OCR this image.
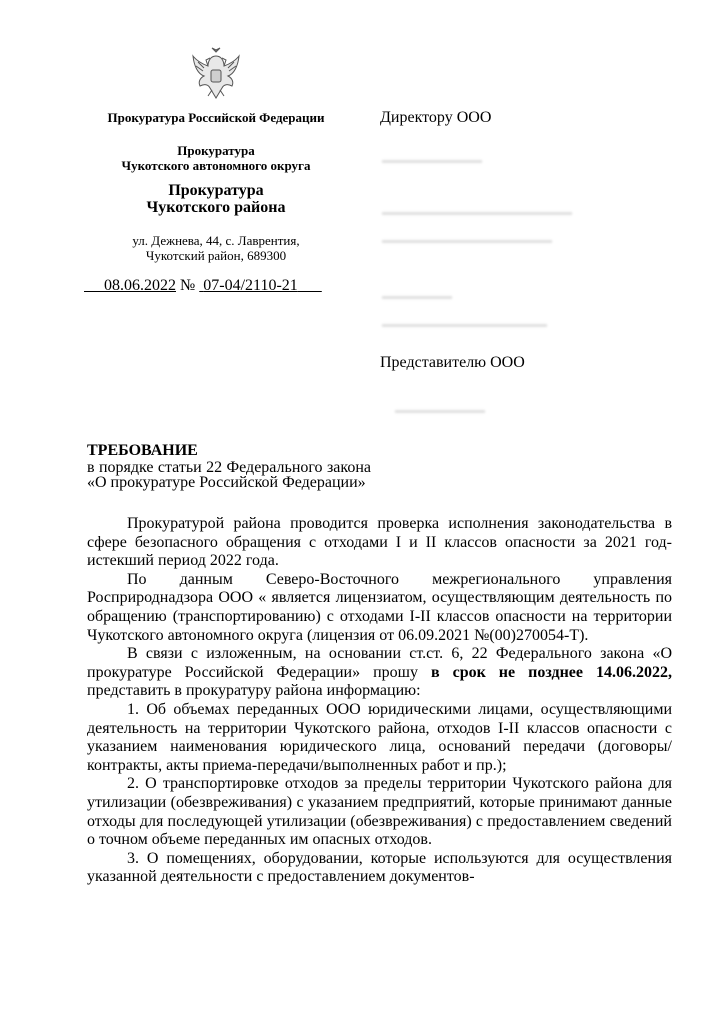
Прокуратура Российской Федерации
Прокуратура
Чукотского автономного округа
Прокуратура
Чукотского района
ул. Дежнева, 44, с. Лаврентия,
Чукотский район, 689300
08.06.2022 № 07-04/2110-21
Директору ООО
Представителю ООО
ТРЕБОВАНИЕ
в порядке статьи 22 Федерального закона «О прокуратуре Российской Федерации»

Прокуратурой района проводится проверка исполнения законодательства в сфере безопасного обращения с отходами I и II классов опасности за 2021 год-истекший период 2022 года.

По данным Северо-Восточного межрегионального управления Росприроднадзора ООО « является лицензиатом, осуществляющим деятельность по обращению (транспортированию) с отходами I-II классов опасности на территории Чукотского автономного округа (лицензия от 06.09.2021 №(00)270054-Т).

В связи с изложенным, на основании ст.ст. 6, 22 Федерального закона «О прокуратуре Российской Федерации» прошу в срок не позднее 14.06.2022, представить в прокуратуру района информацию:

1. Об объемах переданных ООО юридическими лицами, осуществляющими деятельность на территории Чукотского района, отходов I-II классов опасности с указанием наименования юридического лица, оснований передачи (договоры/контракты, акты приема-передачи/выполненных работ и пр.);

2. О транспортировке отходов за пределы территории Чукотского района для утилизации (обезвреживания) с указанием предприятий, которые принимают данные отходы для последующей утилизации (обезвреживания) с предоставлением сведений о точном объеме переданных им опасных отходов.

3. О помещениях, оборудовании, которые используются для осуществления указанной деятельности с предоставлением документов-
